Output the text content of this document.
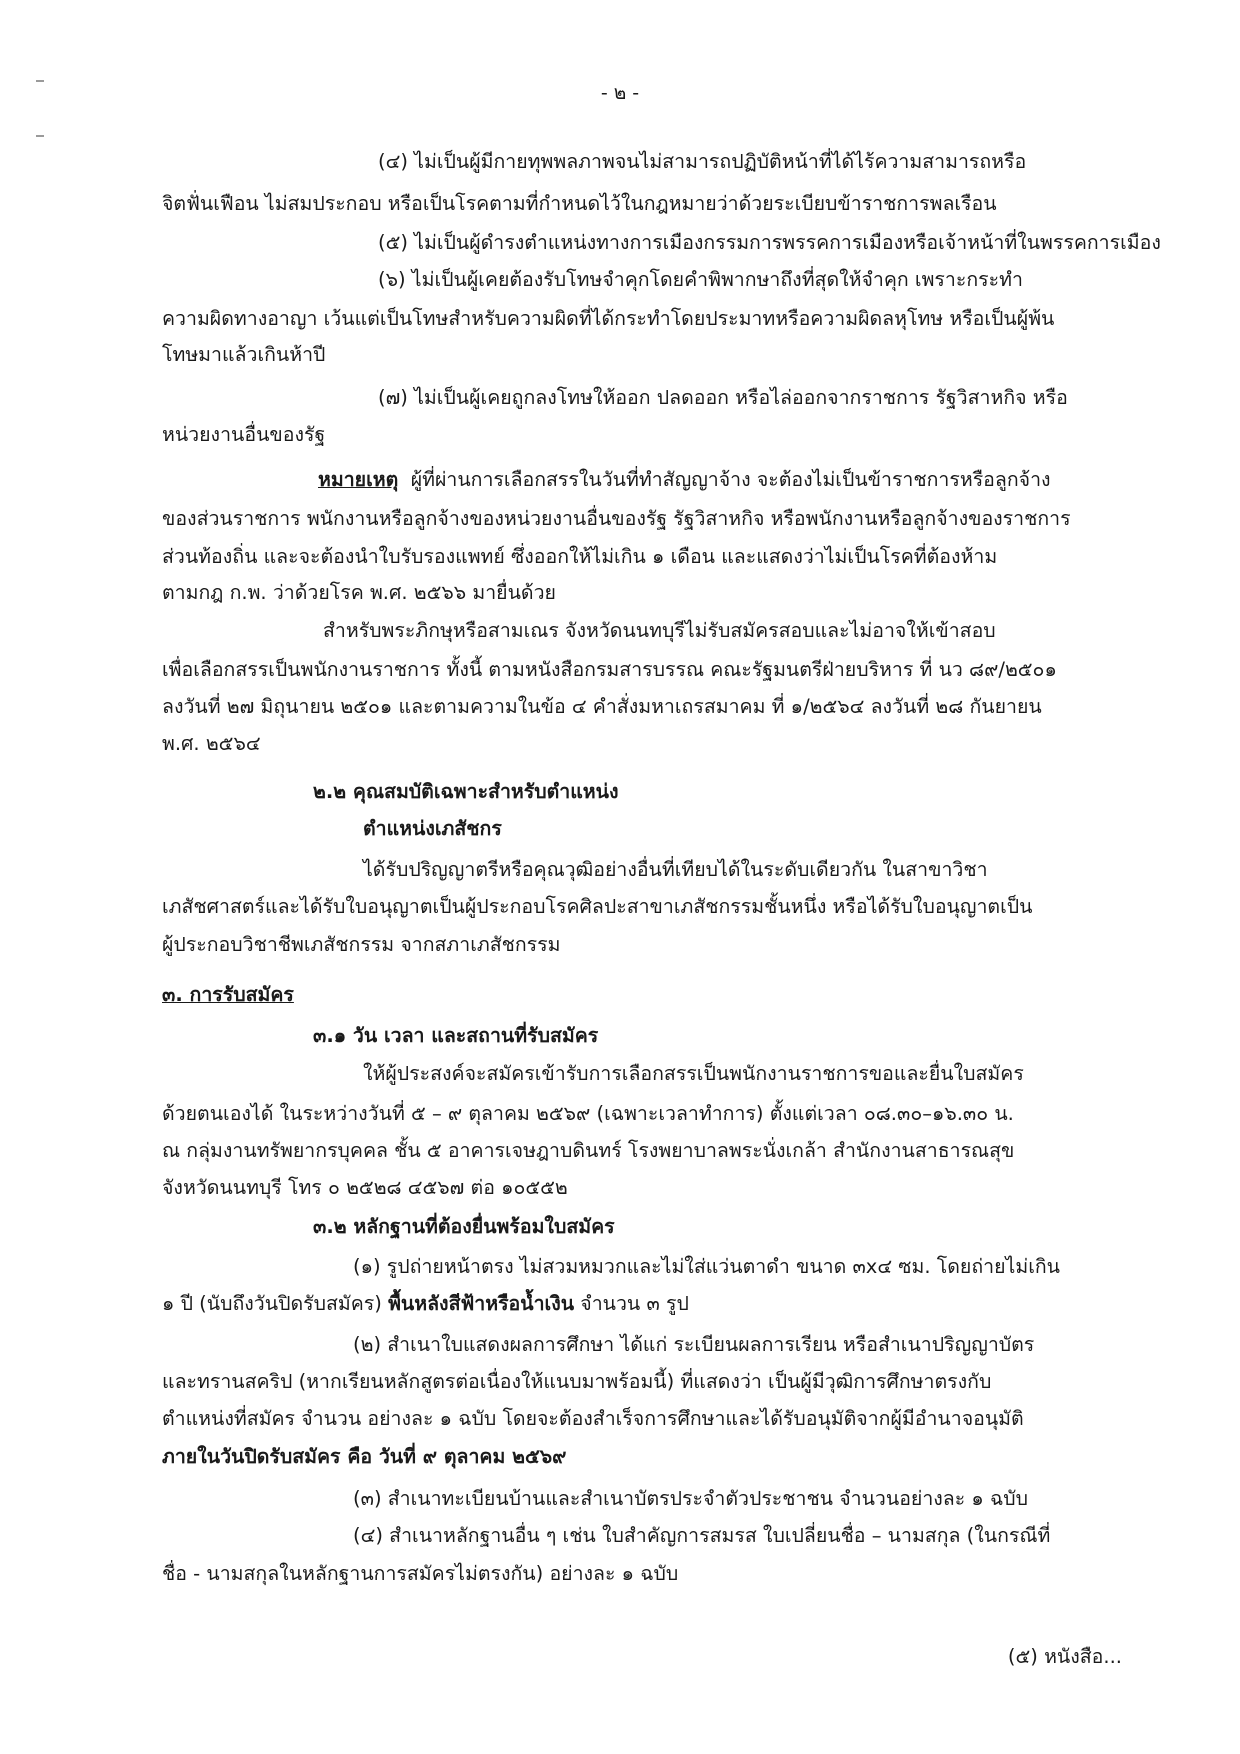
- ๒ -
(๔) ไม่เป็นผู้มีกายทุพพลภาพจนไม่สามารถปฏิบัติหน้าที่ได้ไร้ความสามารถหรือ
จิตฟั่นเฟือน ไม่สมประกอบ หรือเป็นโรคตามที่กำหนดไว้ในกฎหมายว่าด้วยระเบียบข้าราชการพลเรือน
(๕) ไม่เป็นผู้ดำรงตำแหน่งทางการเมืองกรรมการพรรคการเมืองหรือเจ้าหน้าที่ในพรรคการเมือง
(๖) ไม่เป็นผู้เคยต้องรับโทษจำคุกโดยคำพิพากษาถึงที่สุดให้จำคุก เพราะกระทำ
ความผิดทางอาญา เว้นแต่เป็นโทษสำหรับความผิดที่ได้กระทำโดยประมาทหรือความผิดลหุโทษ หรือเป็นผู้พ้น
โทษมาแล้วเกินห้าปี
(๗) ไม่เป็นผู้เคยถูกลงโทษให้ออก ปลดออก หรือไล่ออกจากราชการ รัฐวิสาหกิจ หรือ
หน่วยงานอื่นของรัฐ
หมายเหตุ ผู้ที่ผ่านการเลือกสรรในวันที่ทำสัญญาจ้าง จะต้องไม่เป็นข้าราชการหรือลูกจ้าง
ของส่วนราชการ พนักงานหรือลูกจ้างของหน่วยงานอื่นของรัฐ รัฐวิสาหกิจ หรือพนักงานหรือลูกจ้างของราชการ
ส่วนท้องถิ่น และจะต้องนำใบรับรองแพทย์ ซึ่งออกให้ไม่เกิน ๑ เดือน และแสดงว่าไม่เป็นโรคที่ต้องห้าม
ตามกฎ ก.พ. ว่าด้วยโรค พ.ศ. ๒๕๖๖ มายื่นด้วย
สำหรับพระภิกษุหรือสามเณร จังหวัดนนทบุรีไม่รับสมัครสอบและไม่อาจให้เข้าสอบ
เพื่อเลือกสรรเป็นพนักงานราชการ ทั้งนี้ ตามหนังสือกรมสารบรรณ คณะรัฐมนตรีฝ่ายบริหาร ที่ นว ๘๙/๒๕๐๑
ลงวันที่ ๒๗ มิถุนายน ๒๕๐๑ และตามความในข้อ ๔ คำสั่งมหาเถรสมาคม ที่ ๑/๒๕๖๔ ลงวันที่ ๒๘ กันยายน
พ.ศ. ๒๕๖๔
๒.๒ คุณสมบัติเฉพาะสำหรับตำแหน่ง
ตำแหน่งเภสัชกร
ได้รับปริญญาตรีหรือคุณวุฒิอย่างอื่นที่เทียบได้ในระดับเดียวกัน ในสาขาวิชา
เภสัชศาสตร์และได้รับใบอนุญาตเป็นผู้ประกอบโรคศิลปะสาขาเภสัชกรรมชั้นหนึ่ง หรือได้รับใบอนุญาตเป็น
ผู้ประกอบวิชาชีพเภสัชกรรม จากสภาเภสัชกรรม
๓. การรับสมัคร
๓.๑ วัน เวลา และสถานที่รับสมัคร
ให้ผู้ประสงค์จะสมัครเข้ารับการเลือกสรรเป็นพนักงานราชการขอและยื่นใบสมัคร
ด้วยตนเองได้ ในระหว่างวันที่ ๕ – ๙ ตุลาคม ๒๕๖๙ (เฉพาะเวลาทำการ) ตั้งแต่เวลา ๐๘.๓๐–๑๖.๓๐ น.
ณ กลุ่มงานทรัพยากรบุคคล ชั้น ๕ อาคารเจษฎาบดินทร์ โรงพยาบาลพระนั่งเกล้า สำนักงานสาธารณสุข
จังหวัดนนทบุรี โทร ๐ ๒๕๒๘ ๔๕๖๗ ต่อ ๑๐๕๕๒
๓.๒ หลักฐานที่ต้องยื่นพร้อมใบสมัคร
(๑) รูปถ่ายหน้าตรง ไม่สวมหมวกและไม่ใส่แว่นตาดำ ขนาด ๓x๔ ซม. โดยถ่ายไม่เกิน
๑ ปี (นับถึงวันปิดรับสมัคร) พื้นหลังสีฟ้าหรือน้ำเงิน จำนวน ๓ รูป
(๒) สำเนาใบแสดงผลการศึกษา ได้แก่ ระเบียนผลการเรียน หรือสำเนาปริญญาบัตร
และทรานสคริป (หากเรียนหลักสูตรต่อเนื่องให้แนบมาพร้อมนี้) ที่แสดงว่า เป็นผู้มีวุฒิการศึกษาตรงกับ
ตำแหน่งที่สมัคร จำนวน อย่างละ ๑ ฉบับ โดยจะต้องสำเร็จการศึกษาและได้รับอนุมัติจากผู้มีอำนาจอนุมัติ
ภายในวันปิดรับสมัคร คือ วันที่ ๙ ตุลาคม ๒๕๖๙
(๓) สำเนาทะเบียนบ้านและสำเนาบัตรประจำตัวประชาชน จำนวนอย่างละ ๑ ฉบับ
(๔) สำเนาหลักฐานอื่น ๆ เช่น ใบสำคัญการสมรส ใบเปลี่ยนชื่อ – นามสกุล (ในกรณีที่
ชื่อ - นามสกุลในหลักฐานการสมัครไม่ตรงกัน) อย่างละ ๑ ฉบับ
(๕) หนังสือ...
